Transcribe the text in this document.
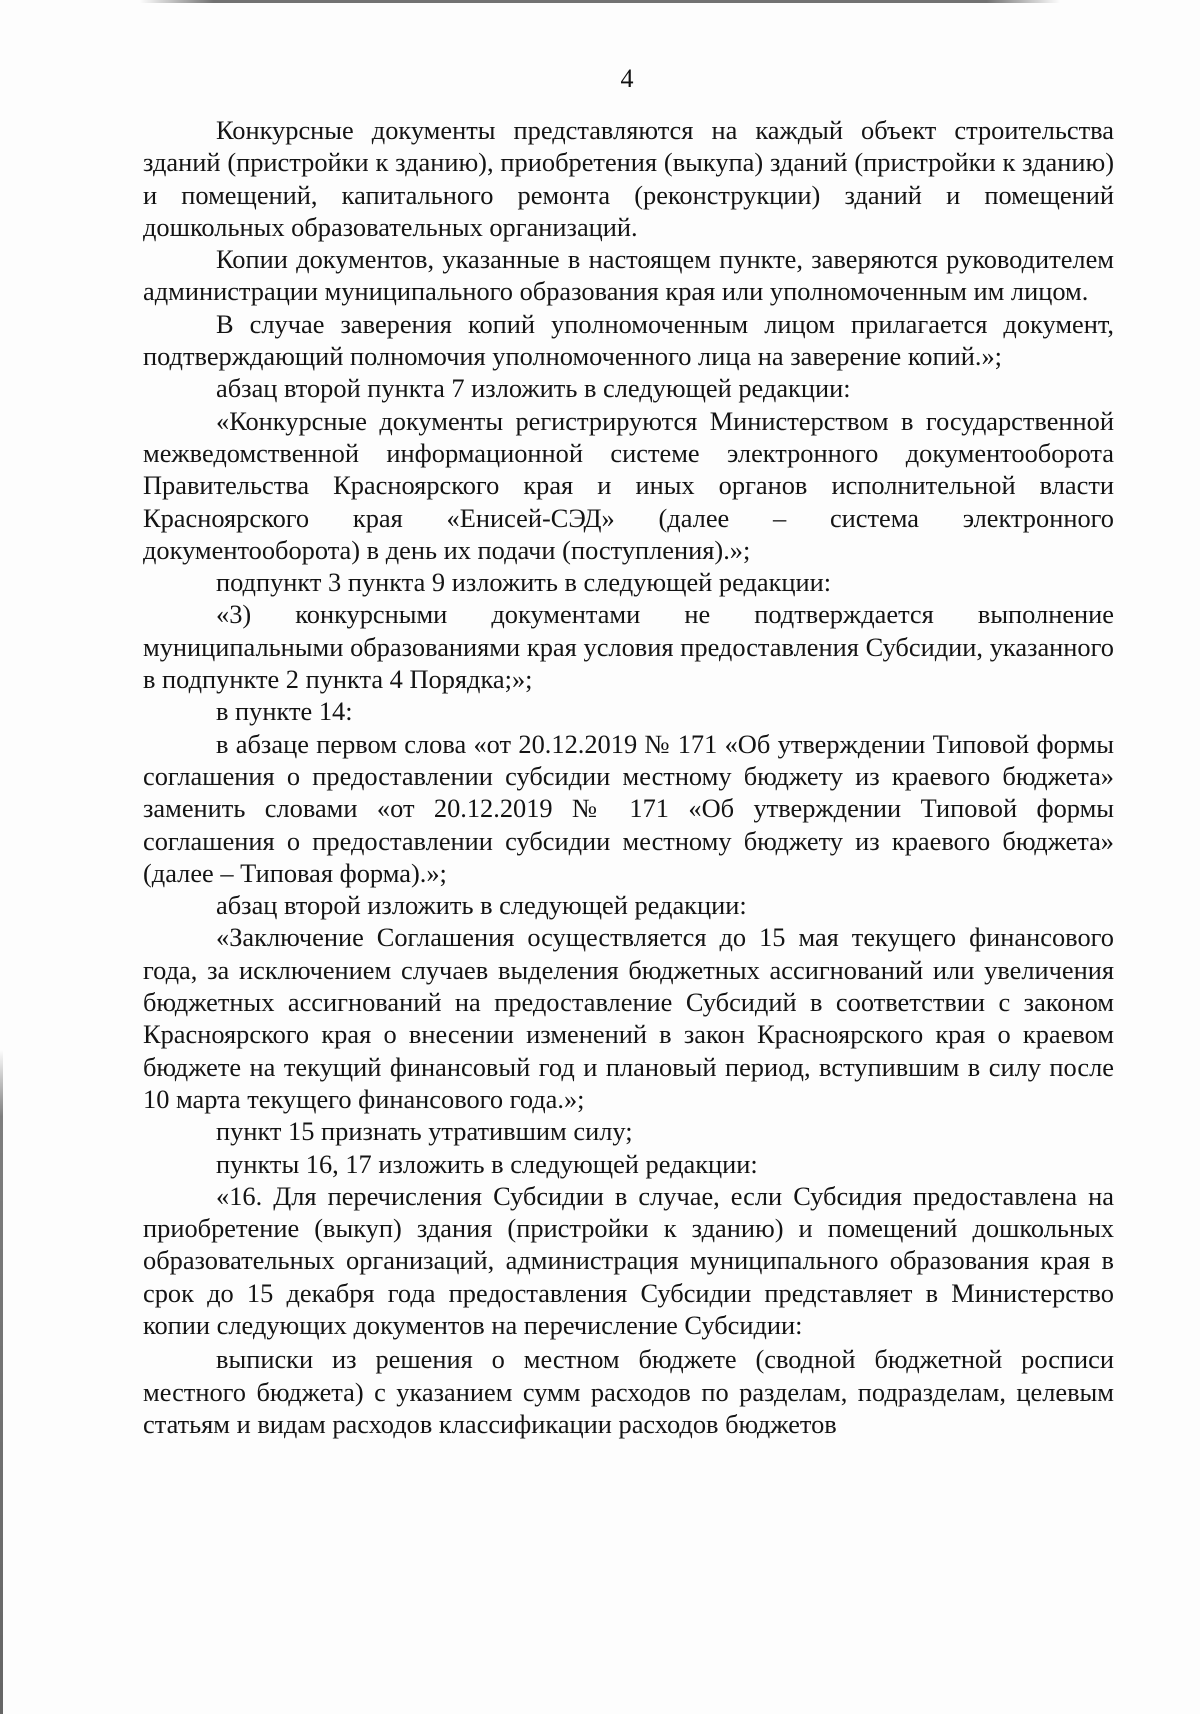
4

Конкурсные документы представляются на каждый объект строительства зданий (пристройки к зданию), приобретения (выкупа) зданий (пристройки к зданию) и помещений, капитального ремонта (реконструкции) зданий и помещений дошкольных образовательных организаций.

Копии документов, указанные в настоящем пункте, заверяются руководителем администрации муниципального образования края или уполномоченным им лицом.

В случае заверения копий уполномоченным лицом прилагается документ, подтверждающий полномочия уполномоченного лица на заверение копий.»;

абзац второй пункта 7 изложить в следующей редакции:

«Конкурсные документы регистрируются Министерством в государственной межведомственной информационной системе электронного документооборота Правительства Красноярского края и иных органов исполнительной власти Красноярского края «Енисей-СЭД» (далее – система электронного документооборота) в день их подачи (поступления).»;

подпункт 3 пункта 9 изложить в следующей редакции:

«3) конкурсными документами не подтверждается выполнение муниципальными образованиями края условия предоставления Субсидии, указанного в подпункте 2 пункта 4 Порядка;»;

в пункте 14:

в абзаце первом слова «от 20.12.2019 № 171 «Об утверждении Типовой формы соглашения о предоставлении субсидии местному бюджету из краевого бюджета» заменить словами «от 20.12.2019 № 171 «Об утверждении Типовой формы соглашения о предоставлении субсидии местному бюджету из краевого бюджета» (далее – Типовая форма).»;

абзац второй изложить в следующей редакции:

«Заключение Соглашения осуществляется до 15 мая текущего финансового года, за исключением случаев выделения бюджетных ассигнований или увеличения бюджетных ассигнований на предоставление Субсидий в соответствии с законом Красноярского края о внесении изменений в закон Красноярского края о краевом бюджете на текущий финансовый год и плановый период, вступившим в силу после 10 марта текущего финансового года.»;

пункт 15 признать утратившим силу;

пункты 16, 17 изложить в следующей редакции:

«16. Для перечисления Субсидии в случае, если Субсидия предоставлена на приобретение (выкуп) здания (пристройки к зданию) и помещений дошкольных образовательных организаций, администрация муниципального образования края в срок до 15 декабря года предоставления Субсидии представляет в Министерство копии следующих документов на перечисление Субсидии:

выписки из решения о местном бюджете (сводной бюджетной росписи местного бюджета) с указанием сумм расходов по разделам, подразделам, целевым статьям и видам расходов классификации расходов бюджетов
